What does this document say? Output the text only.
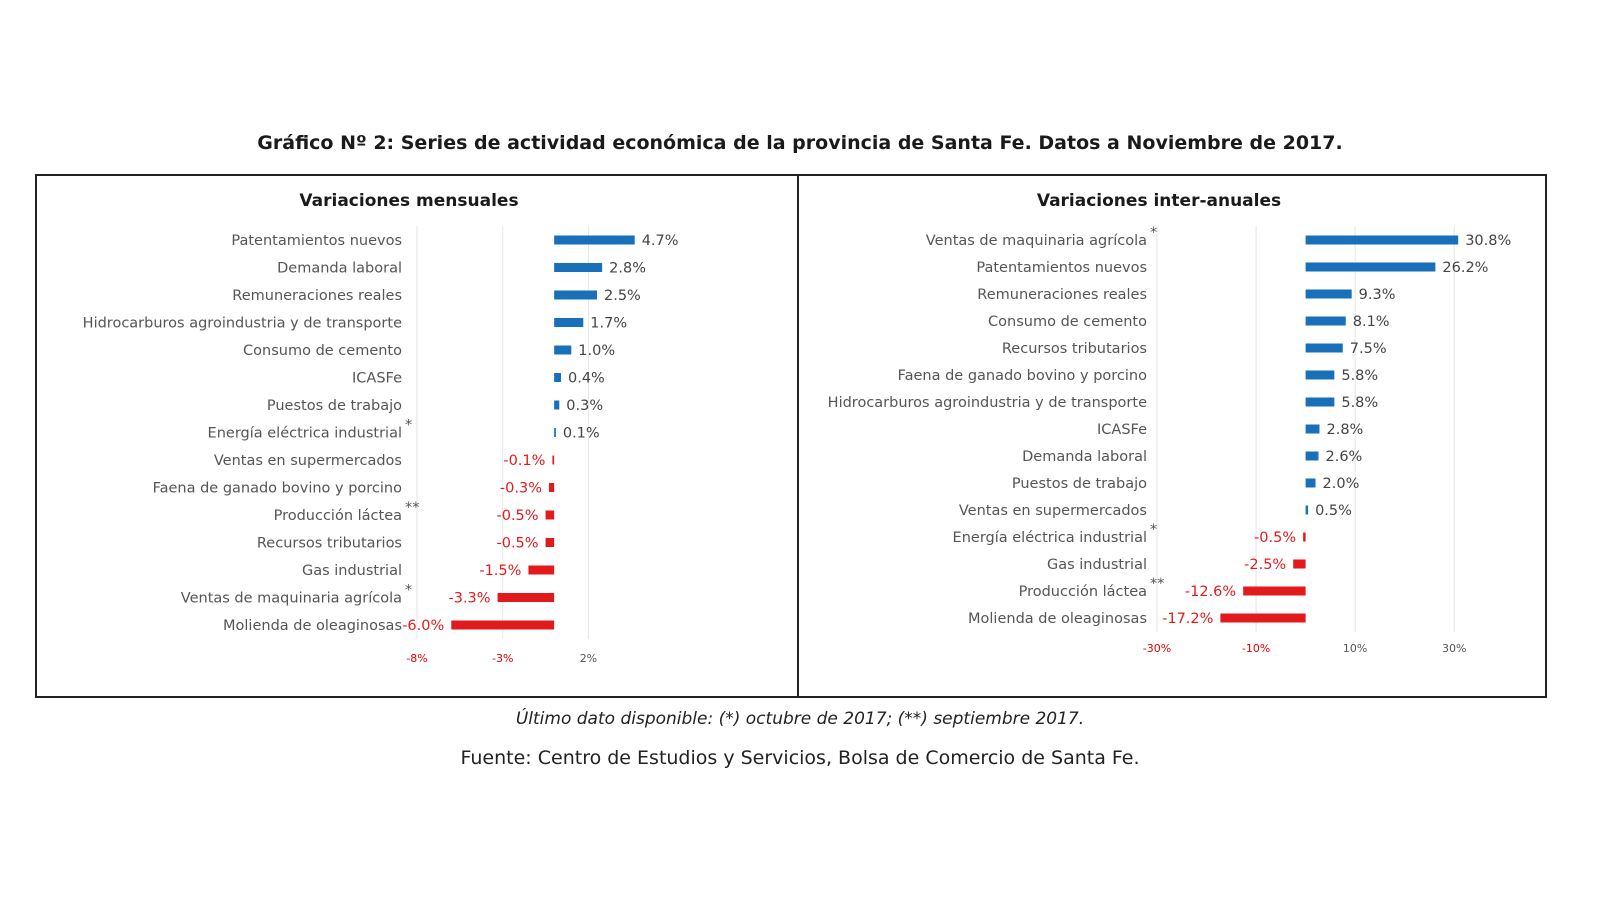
Gráfico Nº 2: Series de actividad económica de la provincia de Santa Fe. Datos a Noviembre de 2017.
Variaciones mensuales
-8%	-3%	2%
Patentamientos nuevos	4.7%
Demanda laboral	2.8%
Remuneraciones reales	2.5%
Hidrocarburos agroindustria y de transporte	1.7%
Consumo de cemento	1.0%
ICASFe	0.4%
Puestos de trabajo	0.3%
Energía eléctrica industrial *	0.1%
Ventas en supermercados	-0.1%
Faena de ganado bovino y porcino	-0.3%
Producción láctea **	-0.5%
Recursos tributarios	-0.5%
Gas industrial	-1.5%
Ventas de maquinaria agrícola * -3.3%
Molienda de oleaginosas -6.0%
Variaciones inter-anuales
-30%	-10%	10%	30%
Ventas de maquinaria agrícola *	30.8%
Patentamientos nuevos	26.2%
Remuneraciones reales	9.3%
Consumo de cemento	8.1%
Recursos tributarios	7.5%
Faena de ganado bovino y porcino	5.8%
Hidrocarburos agroindustria y de transporte	5.8%
ICASFe	2.8%
Demanda laboral	2.6%
Puestos de trabajo	2.0%
Ventas en supermercados	0.5%
Energía eléctrica industrial *	-0.5%
Gas industrial	-2.5%
Producción láctea ** -12.6%
Molienda de oleaginosas -17.2%
Último dato disponible: (*) octubre de 2017; (**) septiembre 2017.
Fuente: Centro de Estudios y Servicios, Bolsa de Comercio de Santa Fe.
